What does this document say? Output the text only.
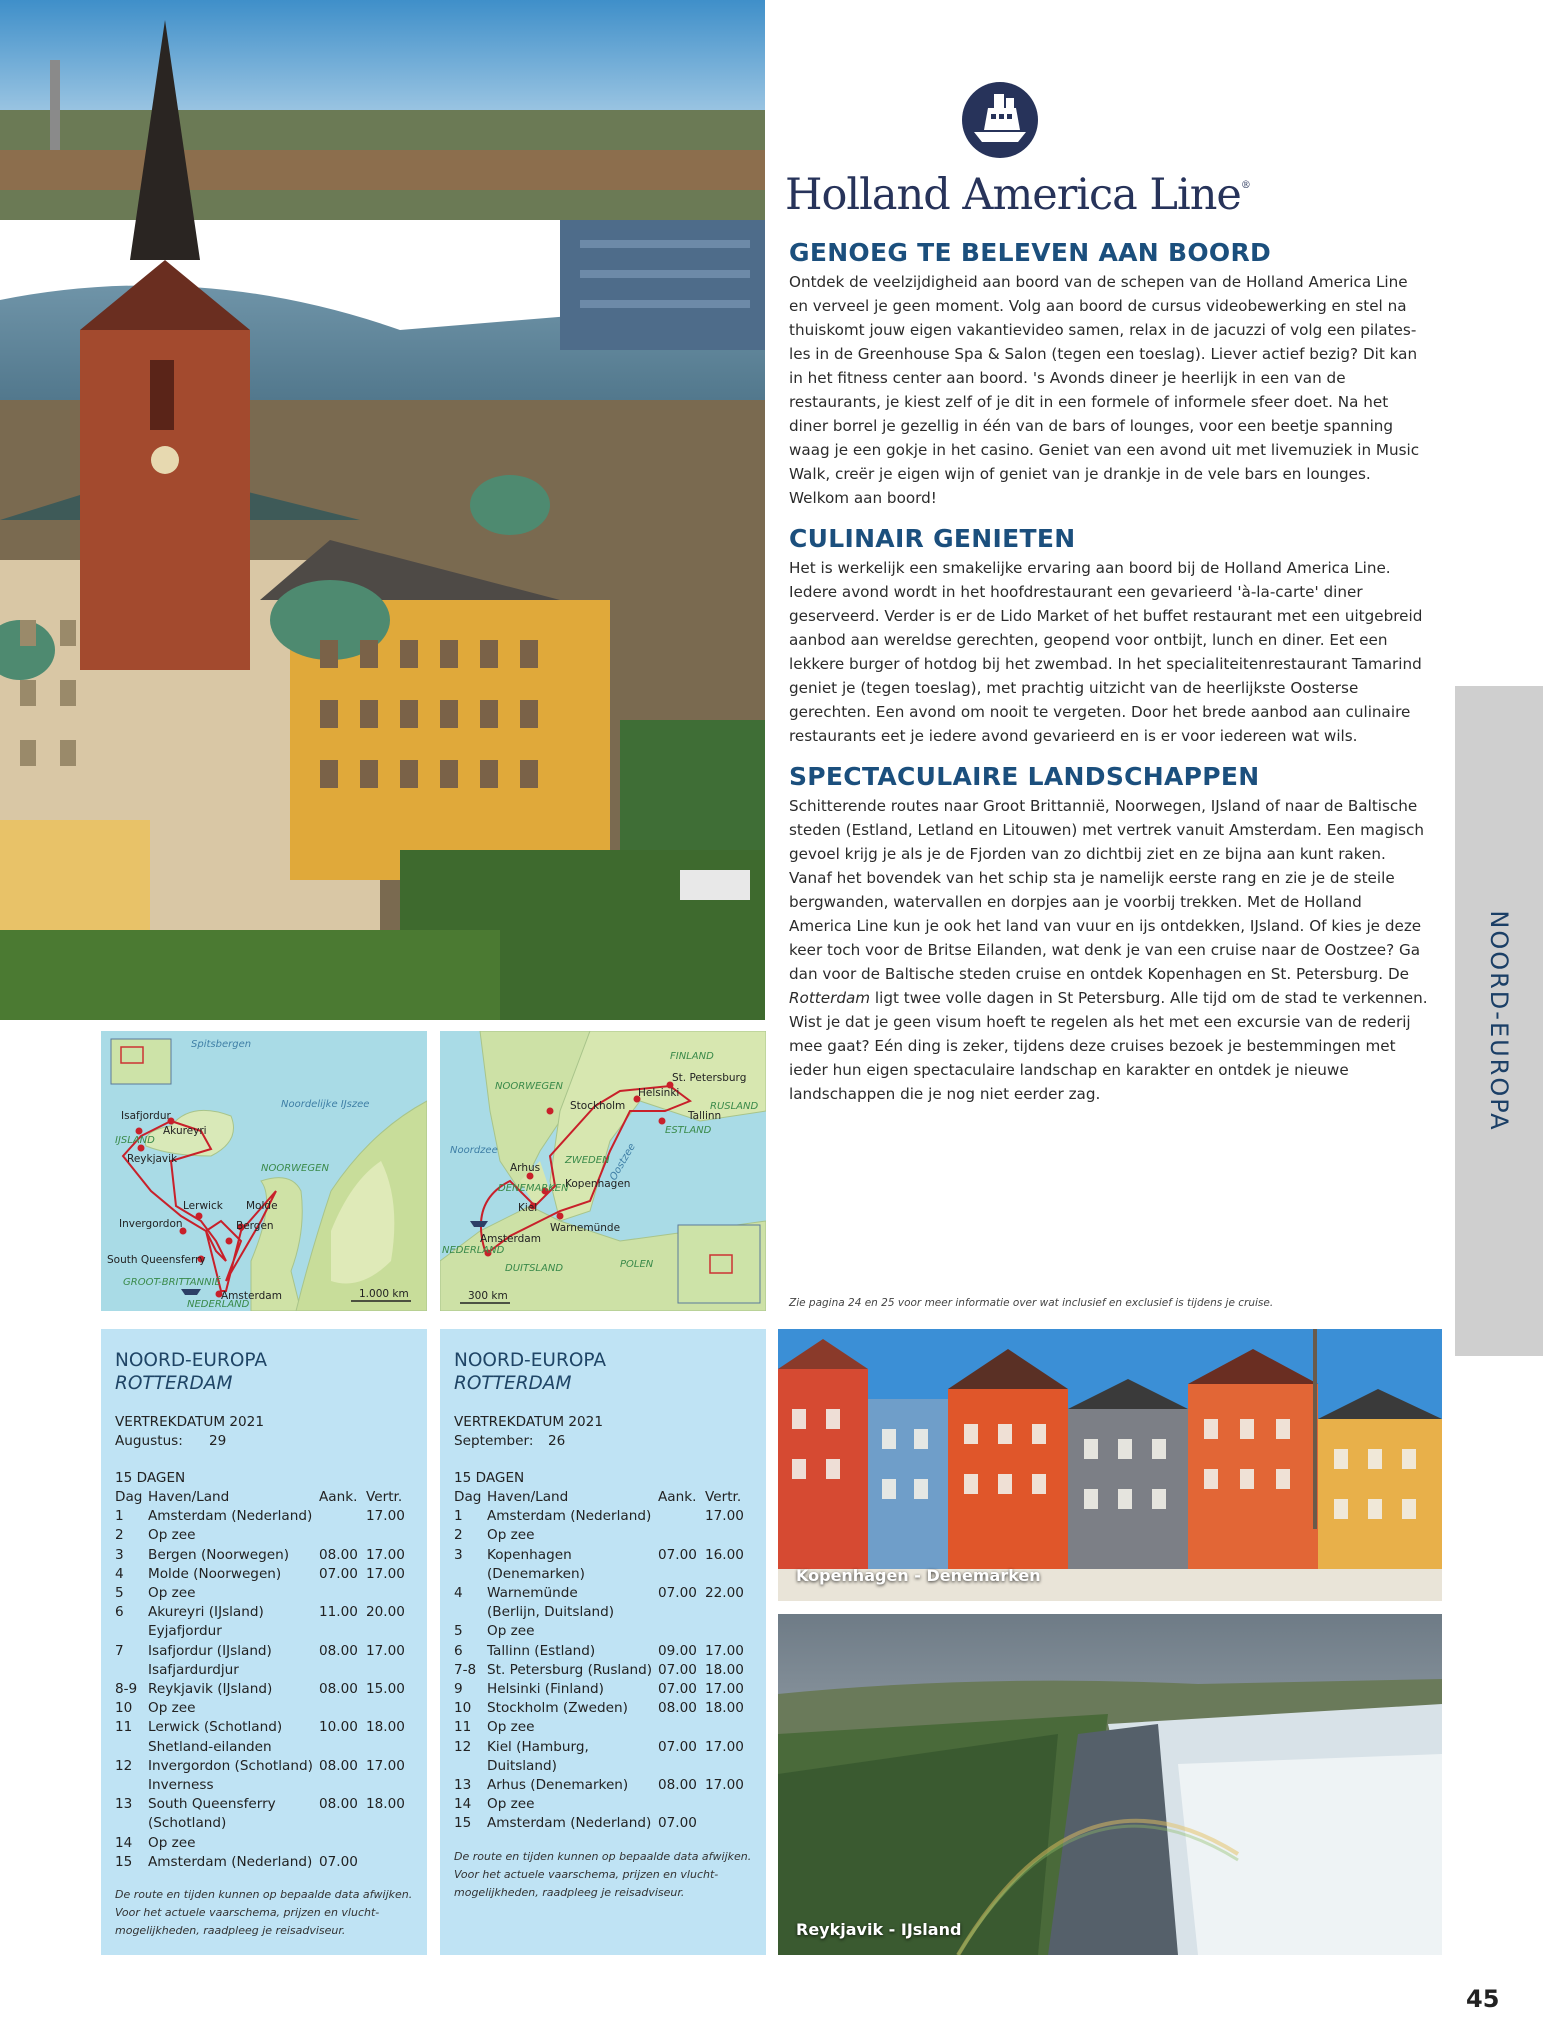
Holland America Line®
GENOEG TE BELEVEN AAN BOORD

Ontdek de veelzijdigheid aan boord van de schepen van de Holland America Line en verveel je geen moment. Volg aan boord de cursus videobewerking en stel na thuiskomt jouw eigen vakantievideo samen, relax in de jacuzzi of volg een pilates-les in de Greenhouse Spa & Salon (tegen een toeslag). Liever actief bezig? Dit kan in het fitness center aan boord. 's Avonds dineer je heerlijk in een van de restaurants, je kiest zelf of je dit in een formele of informele sfeer doet. Na het diner borrel je gezellig in één van de bars of lounges, voor een beetje spanning waag je een gokje in het casino. Geniet van een avond uit met livemuziek in Music Walk, creër je eigen wijn of geniet van je drankje in de vele bars en lounges. Welkom aan boord!

CULINAIR GENIETEN

Het is werkelijk een smakelijke ervaring aan boord bij de Holland America Line. Iedere avond wordt in het hoofdrestaurant een gevarieerd 'à-la-carte' diner geserveerd. Verder is er de Lido Market of het buffet restaurant met een uitgebreid aanbod aan wereldse gerechten, geopend voor ontbijt, lunch en diner. Eet een lekkere burger of hotdog bij het zwembad. In het specialiteitenrestaurant Tamarind geniet je (tegen toeslag), met prachtig uitzicht van de heerlijkste Oosterse gerechten. Een avond om nooit te vergeten. Door het brede aanbod aan culinaire restaurants eet je iedere avond gevarieerd en is er voor iedereen wat wils.

SPECTACULAIRE LANDSCHAPPEN

Schitterende routes naar Groot Brittannië, Noorwegen, IJsland of naar de Baltische steden (Estland, Letland en Litouwen) met vertrek vanuit Amsterdam. Een magisch gevoel krijg je als je de Fjorden van zo dichtbij ziet en ze bijna aan kunt raken. Vanaf het bovendek van het schip sta je namelijk eerste rang en zie je de steile bergwanden, watervallen en dorpjes aan je voorbij trekken. Met de Holland America Line kun je ook het land van vuur en ijs ontdekken, IJsland. Of kies je deze keer toch voor de Britse Eilanden, wat denk je van een cruise naar de Oostzee? Ga dan voor de Baltische steden cruise en ontdek Kopenhagen en St. Petersburg. De Rotterdam ligt twee volle dagen in St Petersburg. Alle tijd om de stad te verkennen. Wist je dat je geen visum hoeft te regelen als het met een excursie van de rederij mee gaat? Eén ding is zeker, tijdens deze cruises bezoek je bestemmingen met ieder hun eigen spectaculaire landschap en karakter en ontdek je nieuwe landschappen die je nog niet eerder zag.	NOORD-EUROPA
Spitsbergen
Noordelijke IJszee
Isafjordur
Akureyri
IJSLAND
Reykjavik
Lerwick
NOORWEGEN
Molde
Bergen
Invergordon
South Queensferry
GROOT-BRITTANNIË
NEDERLAND
Amsterdam	1.000 km
FINLAND
NOORWEGEN
St. Petersburg
Helsinki
RUSLAND
Stockholm
Tallinn
ESTLAND
Noordzee
Arhus
ZWEDEN
DENEMARKEN
Kopenhagen
Kiel
Oostzee
Warnemünde
NEDERLAND
Amsterdam
DUITSLAND	POLEN
300 km
Zie pagina 24 en 25 voor meer informatie over wat inclusief en exclusief is tijdens je cruise.
NOORD-EUROPA
ROTTERDAM
VERTREKDATUM 2021
Augustus:	29
15 DAGEN
Dag	Haven/Land	Aank.	Vertr.
1	Amsterdam (Nederland)		17.00
2	Op zee		
3	Bergen (Noorwegen)	08.00	17.00
4	Molde (Noorwegen)	07.00	17.00
5	Op zee		
6	Akureyri (IJsland)
Eyjafjordur	11.00	20.00
7	Isafjordur (IJsland)
Isafjardurdjur	08.00	17.00
8-9	Reykjavik (IJsland)	08.00	15.00
10	Op zee		
11	Lerwick (Schotland)
Shetland-eilanden	10.00	18.00
12	Invergordon (Schotland)
Inverness	08.00	17.00
13	South Queensferry
(Schotland)	08.00	18.00
14	Op zee		
15	Amsterdam (Nederland)	07.00	
De route en tijden kunnen op bepaalde data afwijken. Voor het actuele vaarschema, prijzen en vlucht-mogelijkheden, raadpleeg je reisadviseur.
NOORD-EUROPA
ROTTERDAM
VERTREKDATUM 2021
September:	26
15 DAGEN
Dag	Haven/Land	Aank.	Vertr.
1	Amsterdam (Nederland)		17.00
2	Op zee		
3	Kopenhagen
(Denemarken)	07.00	16.00
4	Warnemünde
(Berlijn, Duitsland)	07.00	22.00
5	Op zee		
6	Tallinn (Estland)	09.00	17.00
7-8	St. Petersburg (Rusland)	07.00	18.00
9	Helsinki (Finland)	07.00	17.00
10	Stockholm (Zweden)	08.00	18.00
11	Op zee		
12	Kiel (Hamburg, Duitsland)	07.00	17.00
13	Arhus (Denemarken)	08.00	17.00
14	Op zee		
15	Amsterdam (Nederland)	07.00	
De route en tijden kunnen op bepaalde data afwijken. Voor het actuele vaarschema, prijzen en vlucht-mogelijkheden, raadpleeg je reisadviseur.
Kopenhagen - Denemarken
Reykjavik - IJsland
45
